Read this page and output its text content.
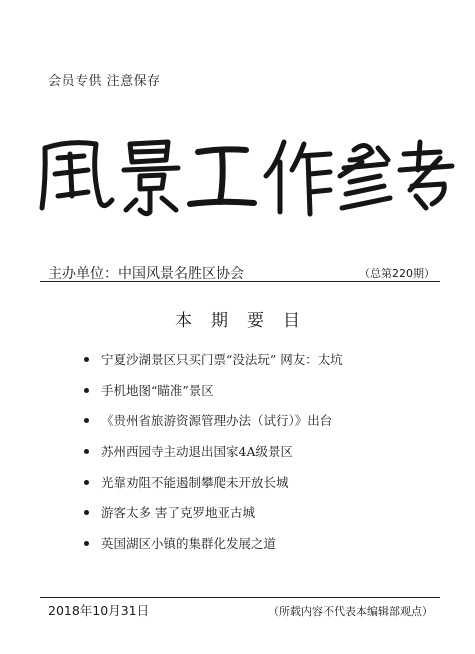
会员专供 注意保存
主办单位：中国风景名胜区协会	（总第220期）
本期要目
宁夏沙湖景区只买门票“没法玩” 网友：太坑
手机地图“瞄准”景区
《贵州省旅游资源管理办法（试行）》出台
苏州西园寺主动退出国家4A级景区
光靠劝阻不能遏制攀爬未开放长城
游客太多 害了克罗地亚古城
英国湖区小镇的集群化发展之道
2018年10月31日	（所载内容不代表本编辑部观点）
